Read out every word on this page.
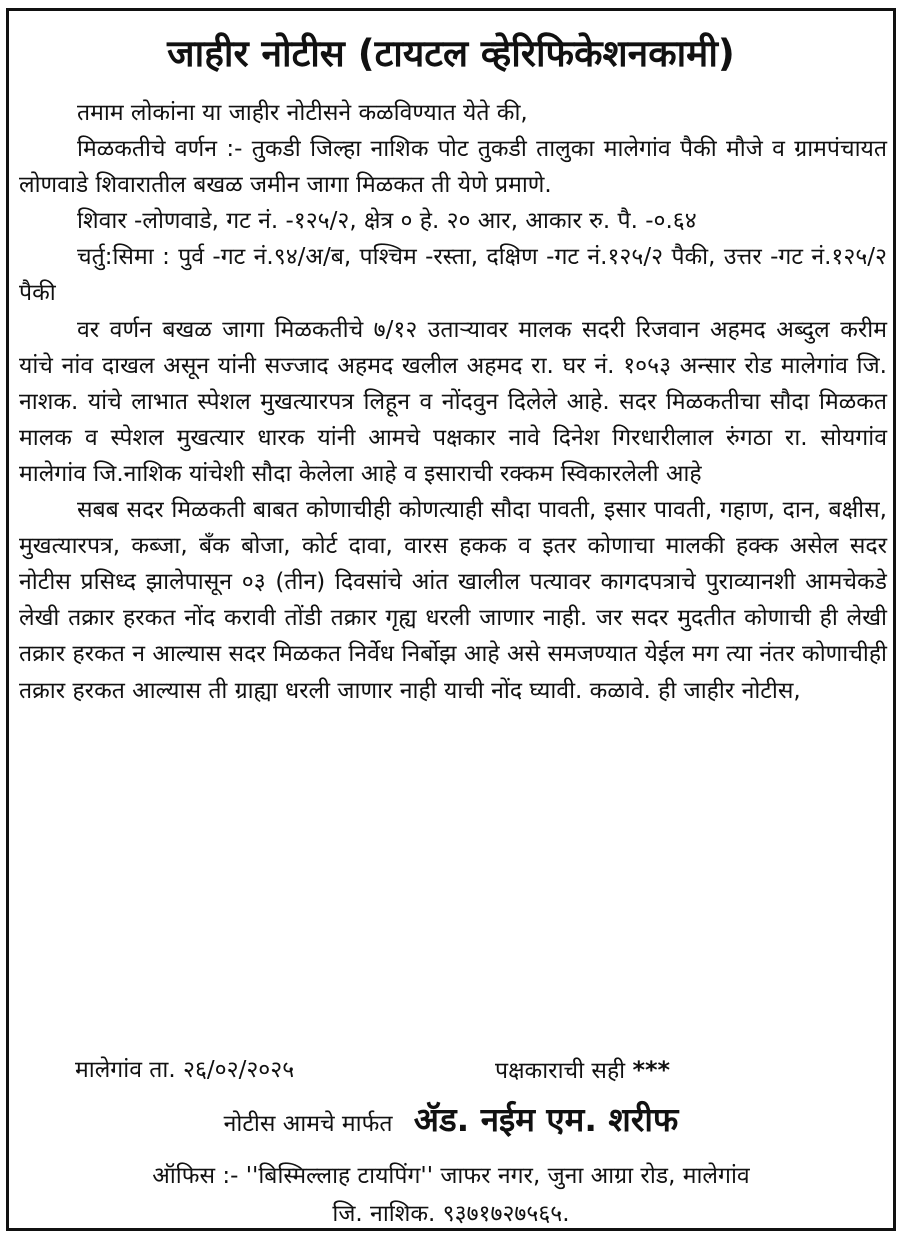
जाहीर नोटीस (टायटल व्हेरिफिकेशनकामी)

तमाम लोकांना या जाहीर नोटीसने कळविण्यात येते की,

मिळकतीचे वर्णन :- तुकडी जिल्हा नाशिक पोट तुकडी तालुका मालेगांव पैकी मौजे व ग्रामपंचायत लोणवाडे शिवारातील बखळ जमीन जागा मिळकत ती येणे प्रमाणे.

शिवार -लोणवाडे, गट नं. -१२५/२, क्षेत्र ० हे. २० आर, आकार रु. पै. -०.६४

चर्तु:सिमा : पुर्व -गट नं.९४/अ/ब, पश्चिम -रस्ता, दक्षिण -गट नं.१२५/२ पैकी, उत्तर -गट नं.१२५/२ पैकी

वर वर्णन बखळ जागा मिळकतीचे ७/१२ उताऱ्यावर मालक सदरी रिजवान अहमद अब्दुल करीम यांचे नांव दाखल असून यांनी सज्जाद अहमद खलील अहमद रा. घर नं. १०५३ अन्सार रोड मालेगांव जि. नाशक. यांचे लाभात स्पेशल मुखत्यारपत्र लिहून व नोंदवुन दिलेले आहे. सदर मिळकतीचा सौदा मिळकत मालक व स्पेशल मुखत्यार धारक यांनी आमचे पक्षकार नावे दिनेश गिरधारीलाल रुंगठा रा. सोयगांव मालेगांव जि.नाशिक यांचेशी सौदा केलेला आहे व इसाराची रक्कम स्विकारलेली आहे

सबब सदर मिळकती बाबत कोणाचीही कोणत्याही सौदा पावती, इसार पावती, गहाण, दान, बक्षीस, मुखत्यारपत्र, कब्जा, बँक बोजा, कोर्ट दावा, वारस हकक व इतर कोणाचा मालकी हक्क असेल सदर नोटीस प्रसिध्द झालेपासून ०३ (तीन) दिवसांचे आंत खालील पत्यावर कागदपत्राचे पुराव्यानशी आमचेकडे लेखी तक्रार हरकत नोंद करावी तोंडी तक्रार गृह्य धरली जाणार नाही. जर सदर मुदतीत कोणाची ही लेखी तक्रार हरकत न आल्यास सदर मिळकत निर्वेध निर्बोझ आहे असे समजण्यात येईल मग त्या नंतर कोणाचीही तक्रार हरकत आल्यास ती ग्राह्या धरली जाणार नाही याची नोंद घ्यावी. कळावे. ही जाहीर नोटीस,

मालेगांव ता. २६/०२/२०२५	पक्षकाराची सही ***
नोटीस आमचे मार्फत ॲड. नईम एम. शरीफ
ऑफिस :- ''बिस्मिल्लाह टायपिंग'' जाफर नगर, जुना आग्रा रोड, मालेगांव
जि. नाशिक. ९३७१७२७५६५.
